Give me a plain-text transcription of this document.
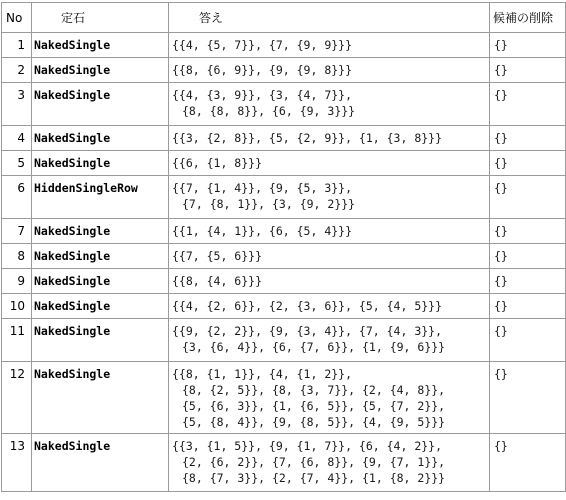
No	定石	答え	候補の削除
1	NakedSingle	{{4, {5, 7}}, {7, {9, 9}}}	{}
2	NakedSingle	{{8, {6, 9}}, {9, {9, 8}}}	{}
3	NakedSingle	{{4, {3, 9}}, {3, {4, 7}},
{8, {8, 8}}, {6, {9, 3}}}	{}
4	NakedSingle	{{3, {2, 8}}, {5, {2, 9}}, {1, {3, 8}}}	{}
5	NakedSingle	{{6, {1, 8}}}	{}
6	HiddenSingleRow	{{7, {1, 4}}, {9, {5, 3}},
{7, {8, 1}}, {3, {9, 2}}}	{}
7	NakedSingle	{{1, {4, 1}}, {6, {5, 4}}}	{}
8	NakedSingle	{{7, {5, 6}}}	{}
9	NakedSingle	{{8, {4, 6}}}	{}
10	NakedSingle	{{4, {2, 6}}, {2, {3, 6}}, {5, {4, 5}}}	{}
11	NakedSingle	{{9, {2, 2}}, {9, {3, 4}}, {7, {4, 3}},
{3, {6, 4}}, {6, {7, 6}}, {1, {9, 6}}}	{}
12	NakedSingle	{{8, {1, 1}}, {4, {1, 2}},
{8, {2, 5}}, {8, {3, 7}}, {2, {4, 8}},
{5, {6, 3}}, {1, {6, 5}}, {5, {7, 2}},
{5, {8, 4}}, {9, {8, 5}}, {4, {9, 5}}}	{}
13	NakedSingle	{{3, {1, 5}}, {9, {1, 7}}, {6, {4, 2}},
{2, {6, 2}}, {7, {6, 8}}, {9, {7, 1}},
{8, {7, 3}}, {2, {7, 4}}, {1, {8, 2}}}	{}
